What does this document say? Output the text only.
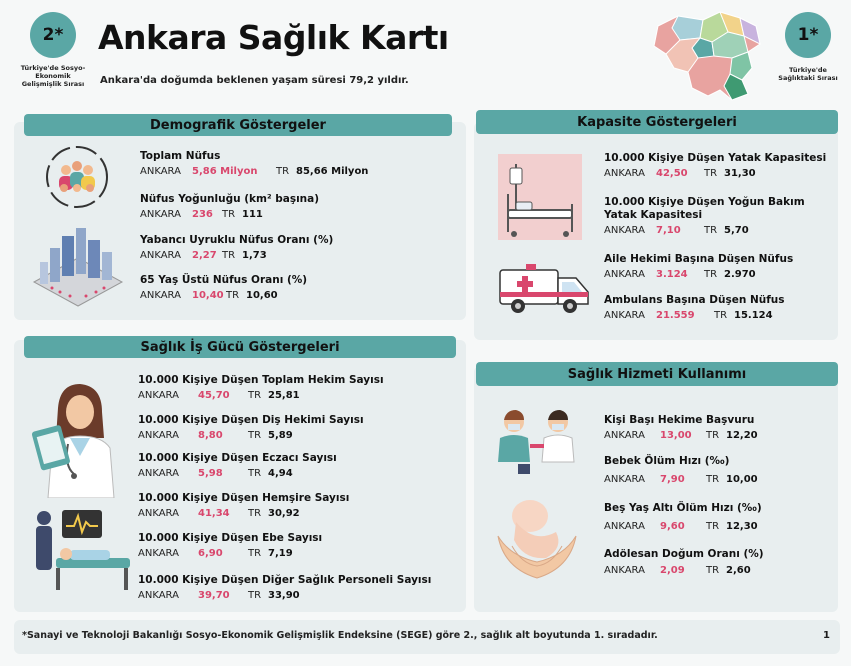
2*
Türkiye'de Sosyo-Ekonomik Gelişmişlik Sırası
Ankara Sağlık Kartı
Ankara'da doğumda beklenen yaşam süresi 79,2 yıldır.
1*
Türkiye'de Sağlıktaki Sırası
Demografik Göstergeler
Toplam Nüfus
ANKARA	5,86 Milyon	TR 85,66 Milyon
Nüfus Yoğunluğu (km² başına)
ANKARA	236 TR 111
Yabancı Uyruklu Nüfus Oranı (%)
ANKARA	2,27 TR 1,73
65 Yaş Üstü Nüfus Oranı (%)
ANKARA	10,40 TR 10,60
Kapasite Göstergeleri
10.000 Kişiye Düşen Yatak Kapasitesi
ANKARA	42,50	TR 31,30
10.000 Kişiye Düşen Yoğun Bakım Yatak Kapasitesi
ANKARA	7,10	TR 5,70
Aile Hekimi Başına Düşen Nüfus
ANKARA	3.124	TR 2.970
Ambulans Başına Düşen Nüfus
ANKARA	21.559	TR 15.124
Sağlık İş Gücü Göstergeleri
10.000 Kişiye Düşen Toplam Hekim Sayısı
ANKARA	45,70	TR 25,81
10.000 Kişiye Düşen Diş Hekimi Sayısı
ANKARA	8,80	TR 5,89
10.000 Kişiye Düşen Eczacı Sayısı
ANKARA	5,98	TR 4,94
10.000 Kişiye Düşen Hemşire Sayısı
ANKARA	41,34	TR 30,92
10.000 Kişiye Düşen Ebe Sayısı
ANKARA	6,90	TR 7,19
10.000 Kişiye Düşen Diğer Sağlık Personeli Sayısı
ANKARA	39,70	TR 33,90
Sağlık Hizmeti Kullanımı
Kişi Başı Hekime Başvuru
ANKARA	13,00	TR 12,20
Bebek Ölüm Hızı (‰)
ANKARA	7,90	TR 10,00
Beş Yaş Altı Ölüm Hızı (‰)
ANKARA	9,60	TR 12,30
Adölesan Doğum Oranı (%)
ANKARA	2,09	TR 2,60
*Sanayi ve Teknoloji Bakanlığı Sosyo-Ekonomik Gelişmişlik Endeksine (SEGE) göre 2., sağlık alt boyutunda 1. sıradadır.	1
